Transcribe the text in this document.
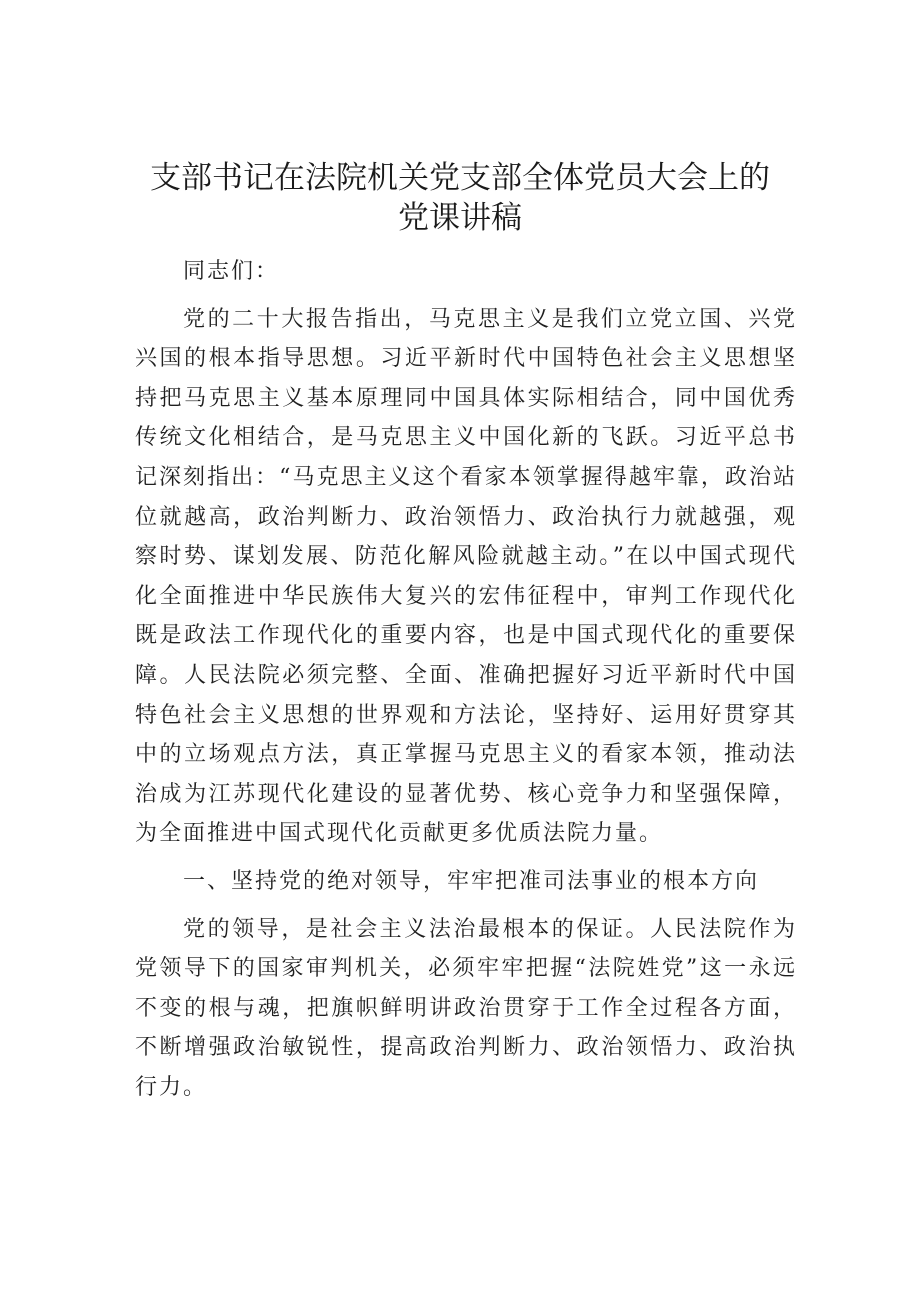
支部书记在法院机关党支部全体党员大会上的
党课讲稿

同志们：

党的二十大报告指出，马克思主义是我们立党立国、兴党兴国的根本指导思想。习近平新时代中国特色社会主义思想坚持把马克思主义基本原理同中国具体实际相结合，同中国优秀传统文化相结合，是马克思主义中国化新的飞跃。习近平总书记深刻指出：“马克思主义这个看家本领掌握得越牢靠，政治站位就越高，政治判断力、政治领悟力、政治执行力就越强，观察时势、谋划发展、防范化解风险就越主动。”在以中国式现代化全面推进中华民族伟大复兴的宏伟征程中，审判工作现代化既是政法工作现代化的重要内容，也是中国式现代化的重要保障。人民法院必须完整、全面、准确把握好习近平新时代中国特色社会主义思想的世界观和方法论，坚持好、运用好贯穿其中的立场观点方法，真正掌握马克思主义的看家本领，推动法治成为江苏现代化建设的显著优势、核心竞争力和坚强保障，为全面推进中国式现代化贡献更多优质法院力量。

一、坚持党的绝对领导，牢牢把准司法事业的根本方向

党的领导，是社会主义法治最根本的保证。人民法院作为党领导下的国家审判机关，必须牢牢把握“法院姓党”这一永远不变的根与魂，把旗帜鲜明讲政治贯穿于工作全过程各方面，不断增强政治敏锐性，提高政治判断力、政治领悟力、政治执行力。
